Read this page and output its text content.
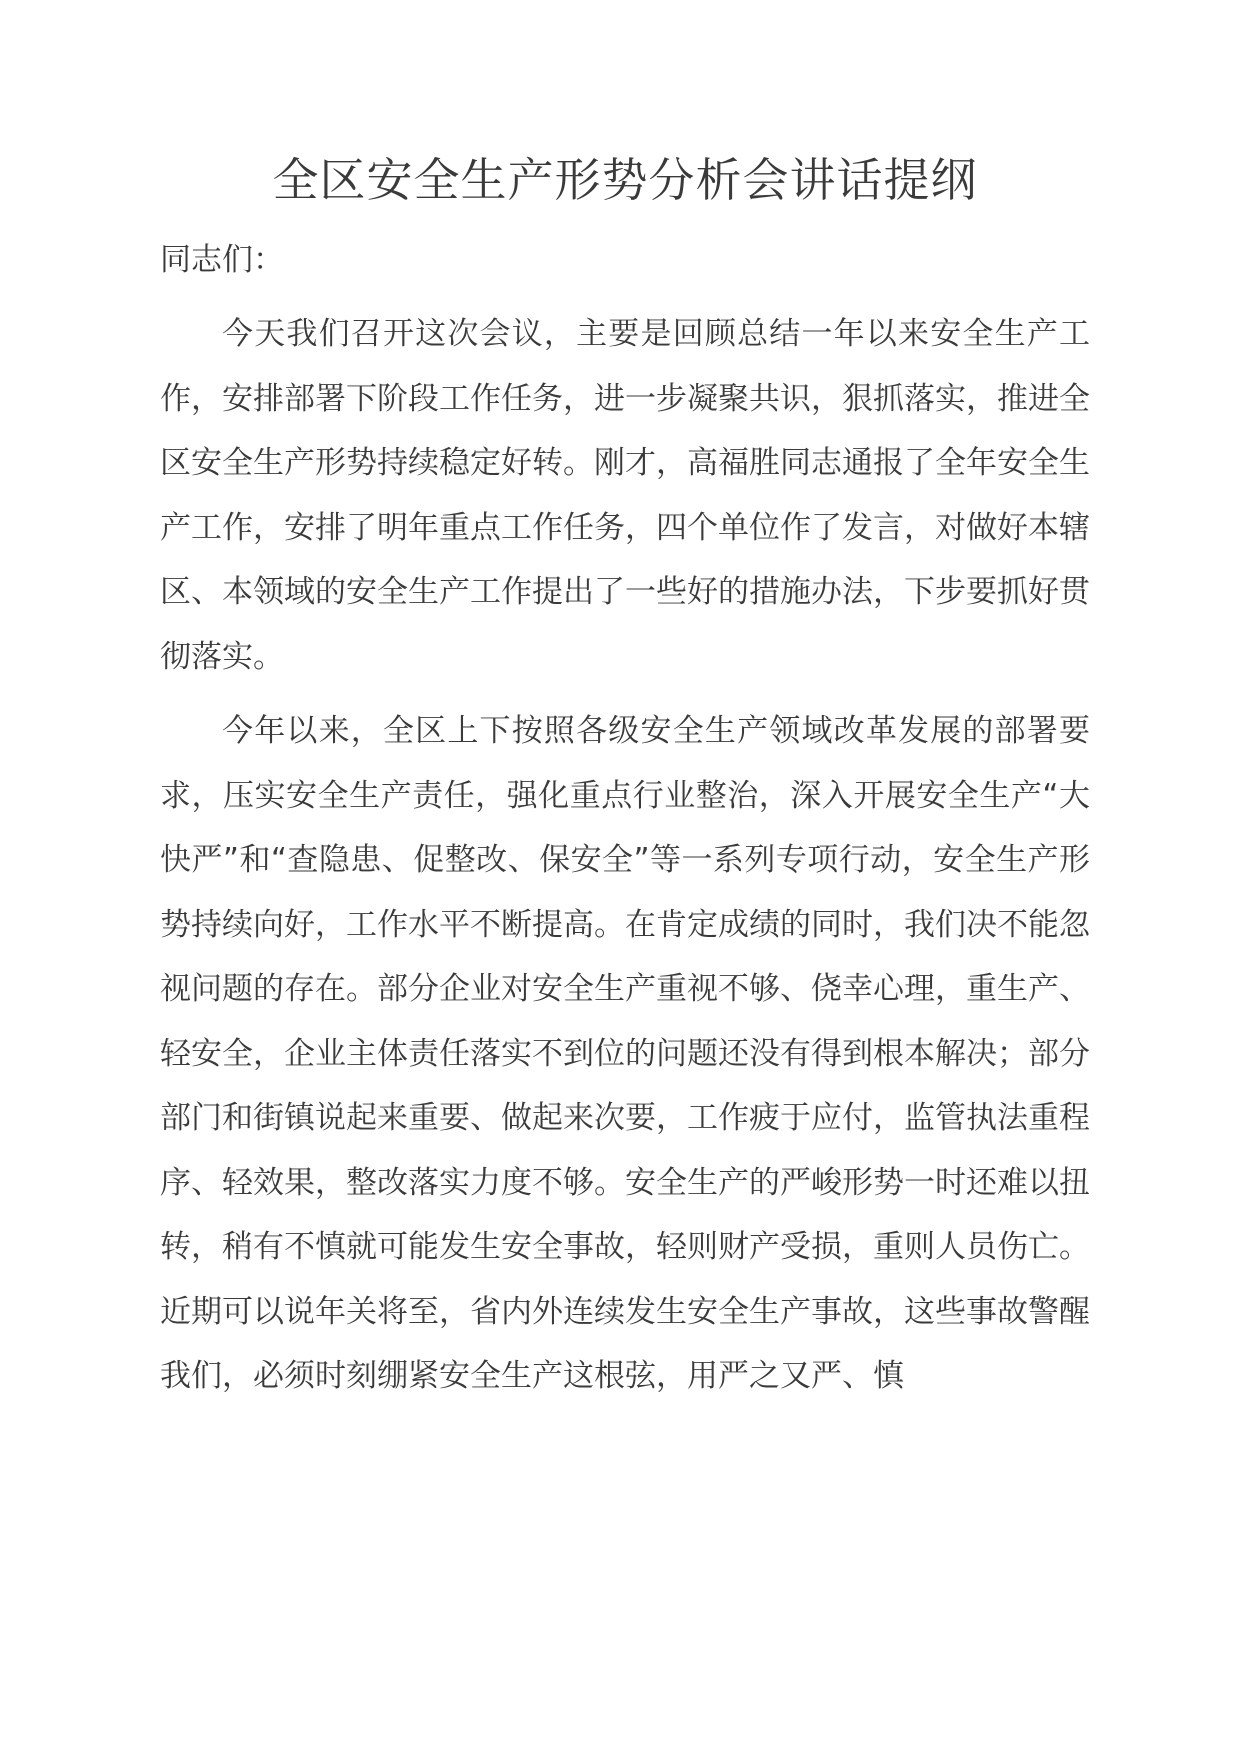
全区安全生产形势分析会讲话提纲

同志们：

今天我们召开这次会议，主要是回顾总结一年以来安全生产工作，安排部署下阶段工作任务，进一步凝聚共识，狠抓落实，推进全区安全生产形势持续稳定好转。刚才，高福胜同志通报了全年安全生产工作，安排了明年重点工作任务，四个单位作了发言，对做好本辖区、本领域的安全生产工作提出了一些好的措施办法，下步要抓好贯彻落实。

今年以来，全区上下按照各级安全生产领域改革发展的部署要求，压实安全生产责任，强化重点行业整治，深入开展安全生产“大快严”和“查隐患、促整改、保安全”等一系列专项行动，安全生产形势持续向好，工作水平不断提高。在肯定成绩的同时，我们决不能忽视问题的存在。部分企业对安全生产重视不够、侥幸心理，重生产、轻安全，企业主体责任落实不到位的问题还没有得到根本解决；部分部门和街镇说起来重要、做起来次要，工作疲于应付，监管执法重程序、轻效果，整改落实力度不够。安全生产的严峻形势一时还难以扭转，稍有不慎就可能发生安全事故，轻则财产受损，重则人员伤亡。近期可以说年关将至，省内外连续发生安全生产事故，这些事故警醒我们，必须时刻绷紧安全生产这根弦，用严之又严、慎
